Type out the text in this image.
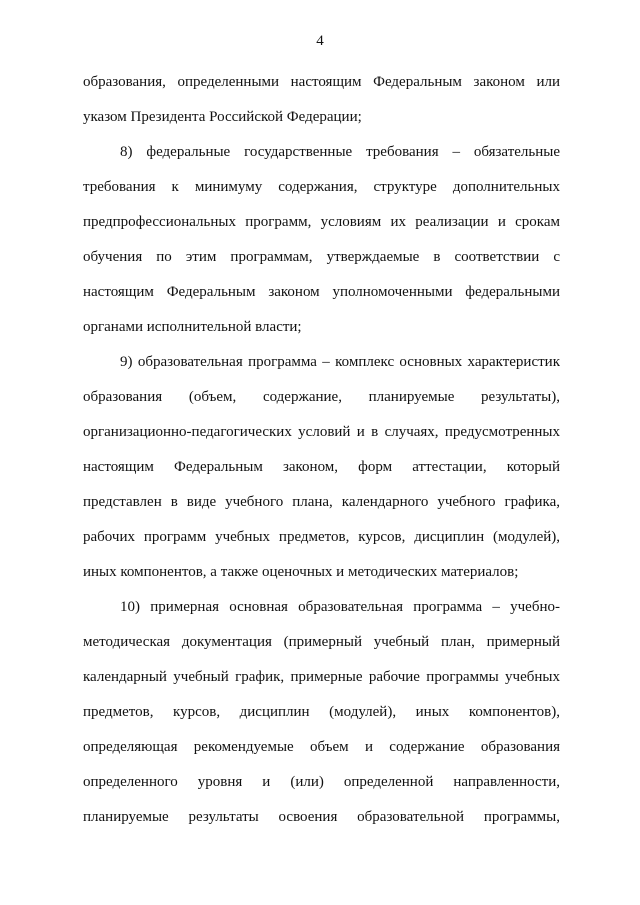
4
образования, определенными настоящим Федеральным законом или
указом Президента Российской Федерации;
8) федеральные государственные требования – обязательные
требования к минимуму содержания, структуре дополнительных
предпрофессиональных программ, условиям их реализации и срокам
обучения по этим программам, утверждаемые в соответствии с
настоящим Федеральным законом уполномоченными федеральными
органами исполнительной власти;
9) образовательная программа – комплекс основных характеристик
образования (объем, содержание, планируемые результаты),
организационно-педагогических условий и в случаях, предусмотренных
настоящим Федеральным законом, форм аттестации, который
представлен в виде учебного плана, календарного учебного графика,
рабочих программ учебных предметов, курсов, дисциплин (модулей),
иных компонентов, а также оценочных и методических материалов;
10) примерная основная образовательная программа – учебно-
методическая документация (примерный учебный план, примерный
календарный учебный график, примерные рабочие программы учебных
предметов, курсов, дисциплин (модулей), иных компонентов),
определяющая рекомендуемые объем и содержание образования
определенного уровня и (или) определенной направленности,
планируемые результаты освоения образовательной программы,
